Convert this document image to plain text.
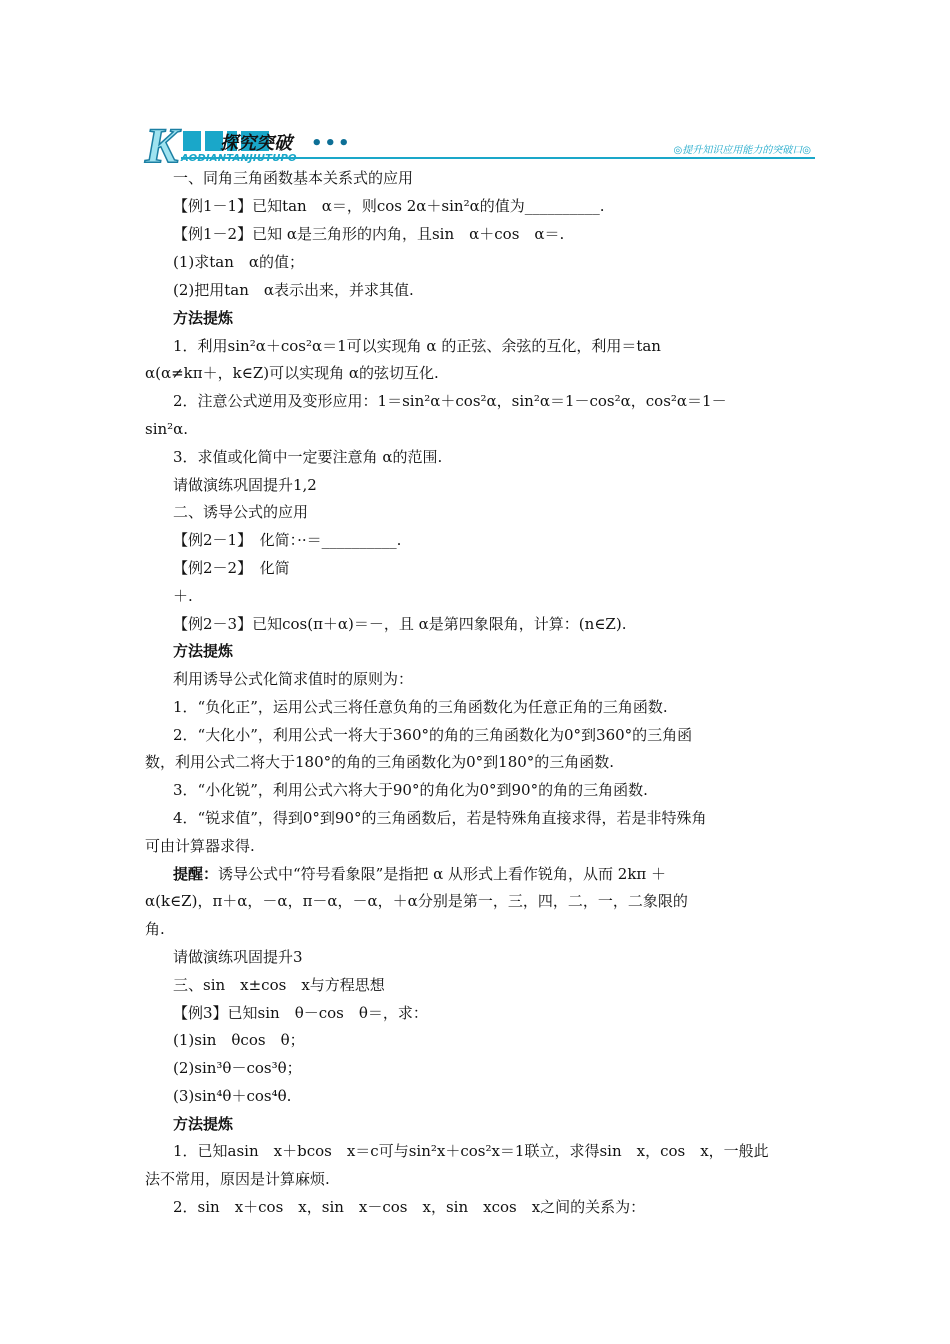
K 探究突破 •••
AODIANTANJIUTUPO
◎提升知识应用能力的突破口◎
一、同角三角函数基本关系式的应用
【例1－1】已知tan　α＝，则cos 2α＋sin²α的值为__________.
【例1－2】已知 α是三角形的内角，且sin　α＋cos　α＝.
(1)求tan　α的值；
(2)把用tan　α表示出来，并求其值.
方法提炼
1．利用sin²α＋cos²α＝1可以实现角 α 的正弦、余弦的互化，利用＝tan
α(α≠kπ＋，k∈Z)可以实现角 α的弦切互化.
2．注意公式逆用及变形应用：1＝sin²α＋cos²α，sin²α＝1－cos²α，cos²α＝1－
sin²α.
3．求值或化简中一定要注意角 α的范围.
请做演练巩固提升1,2
二、诱导公式的应用
【例2－1】　化简：··＝__________.
【例2－2】　化简
＋.
【例2－3】已知cos(π＋α)＝－，且 α是第四象限角，计算：(n∈Z).
方法提炼
利用诱导公式化简求值时的原则为：
1．“负化正”，运用公式三将任意负角的三角函数化为任意正角的三角函数.
2．“大化小”，利用公式一将大于360°的角的三角函数化为0°到360°的三角函
数，利用公式二将大于180°的角的三角函数化为0°到180°的三角函数.
3．“小化锐”，利用公式六将大于90°的角化为0°到90°的角的三角函数.
4．“锐求值”，得到0°到90°的三角函数后，若是特殊角直接求得，若是非特殊角
可由计算器求得.
提醒：诱导公式中“符号看象限”是指把 α 从形式上看作锐角，从而 2kπ ＋
α(k∈Z)，π＋α，－α，π－α，－α，＋α分别是第一，三，四，二，一，二象限的
角.
请做演练巩固提升3
三、sin　x±cos　x与方程思想
【例3】已知sin　θ－cos　θ＝，求：
(1)sin　θcos　θ；
(2)sin³θ－cos³θ；
(3)sin⁴θ＋cos⁴θ.
方法提炼
1．已知asin　x＋bcos　x＝c可与sin²x＋cos²x＝1联立，求得sin　x，cos　x，一般此
法不常用，原因是计算麻烦.
2．sin　x＋cos　x，sin　x－cos　x，sin　xcos　x之间的关系为：
